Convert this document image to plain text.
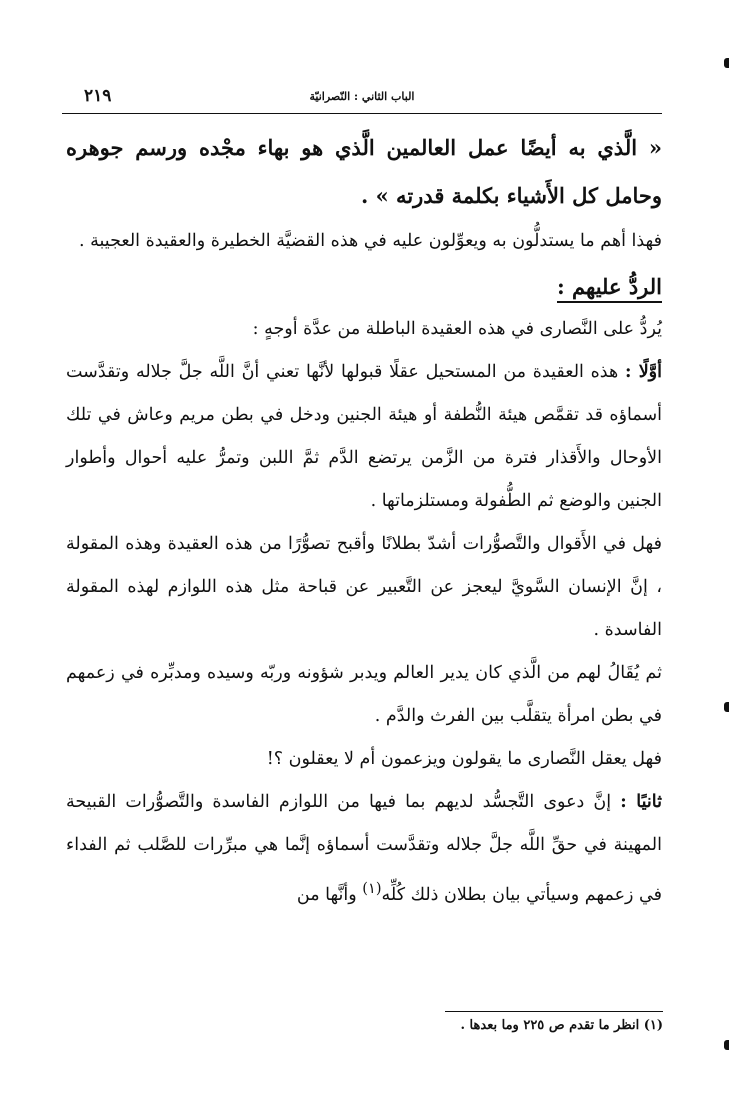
الباب الثاني : النّصرانيّة
٢١٩

« الَّذي به أيضًا عمل العالمين الَّذي هو بهاء مجْده ورسم جوهره وحامل كل الأَشياء بكلمة قدرته » .

فهذا أهم ما يستدلُّون به ويعوِّلون عليه في هذه القضيَّة الخطيرة والعقيدة العجيبة .

الردُّ عليهم :

يُردُّ على النَّصارى في هذه العقيدة الباطلة من عدَّة أوجهٍ :

أوَّلًا : هذه العقيدة من المستحيل عقلًا قبولها لأنَّها تعني أنَّ اللَّه جلَّ جلاله وتقدَّست أسماؤه قد تقمَّص هيئة النُّطفة أو هيئة الجنين ودخل في بطن مريم وعاش في تلك الأوحال والأَقذار فترة من الزَّمن يرتضع الدَّم ثمَّ اللبن وتمرُّ عليه أحوال وأطوار الجنين والوضع ثم الطُّفولة ومستلزماتها .

فهل في الأَقوال والتَّصوُّرات أشدّ بطلانًا وأقبح تصوُّرًا من هذه العقيدة وهذه المقولة ، إنَّ الإنسان السَّويَّ ليعجز عن التَّعبير عن قباحة مثل هذه اللوازم لهذه المقولة الفاسدة .

ثم يُقَالُ لهم من الَّذي كان يدير العالم ويدبر شؤونه وربّه وسيده ومدبِّره في زعمهم في بطن امرأة يتقلَّب بين الفرث والدَّم .

فهل يعقل النَّصارى ما يقولون ويزعمون أم لا يعقلون ؟!

ثانيًا : إنَّ دعوى التَّجسُّد لديهم بما فيها من اللوازم الفاسدة والتَّصوُّرات القبيحة المهينة في حقِّ اللَّه جلَّ جلاله وتقدَّست أسماؤه إنَّما هي مبرِّرات للصَّلب ثم الفداء في زعمهم وسيأتي بيان بطلان ذلك كُلِّه$^{(١)}$ وأنَّها من

(١) انظر ما تقدم ص ٢٢٥ وما بعدها .
